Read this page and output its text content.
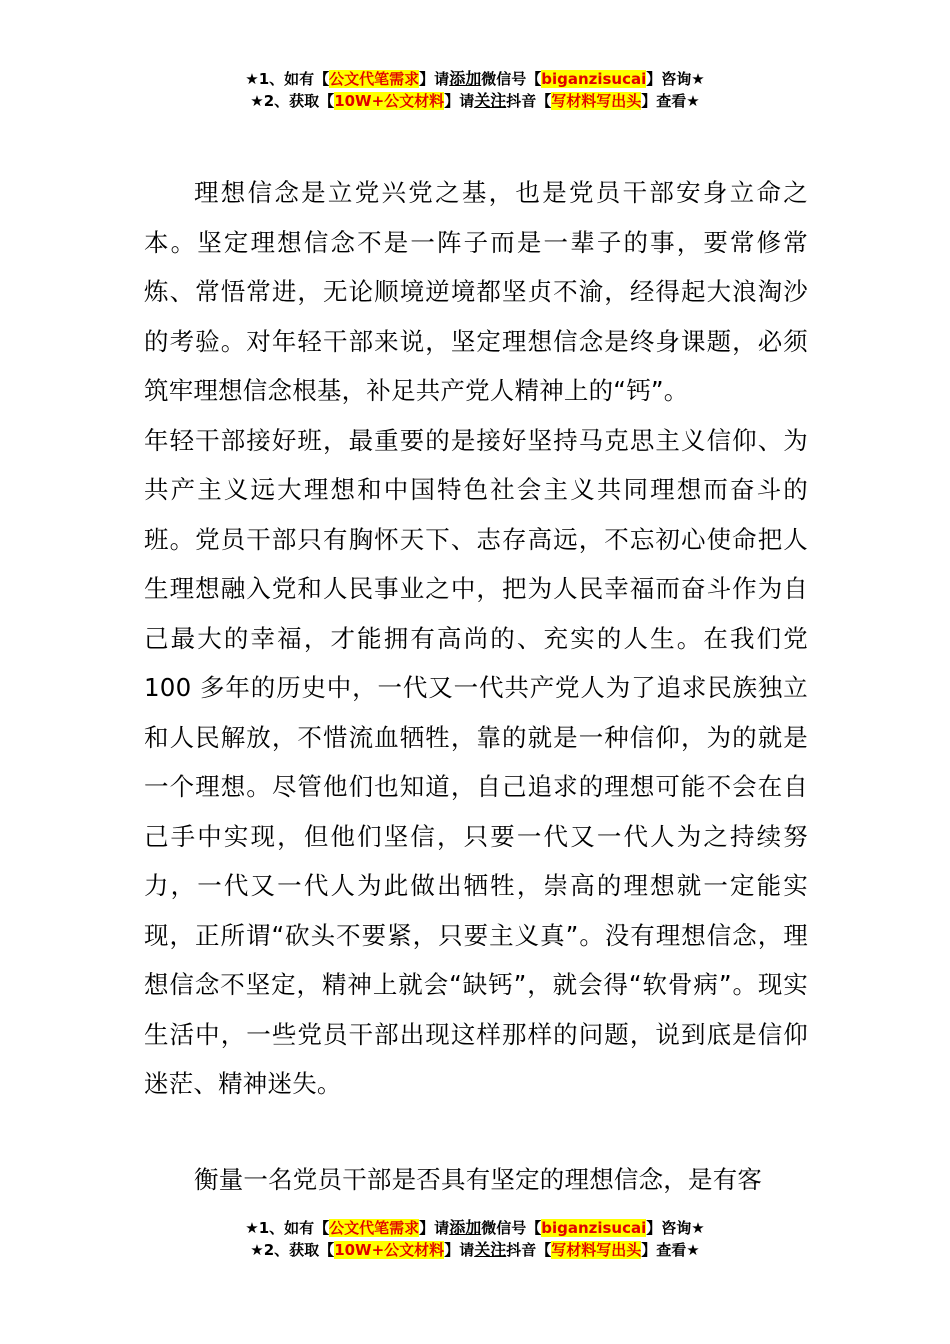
★1、如有【公文代笔需求】请添加微信号【biganzisucai】咨询★
★2、获取【10W+公文材料】请关注抖音【写材料写出头】查看★

理想信念是立党兴党之基，也是党员干部安身立命之本。坚定理想信念不是一阵子而是一辈子的事，要常修常炼、常悟常进，无论顺境逆境都坚贞不渝，经得起大浪淘沙的考验。对年轻干部来说，坚定理想信念是终身课题，必须筑牢理想信念根基，补足共产党人精神上的“钙”。

年轻干部接好班，最重要的是接好坚持马克思主义信仰、为共产主义远大理想和中国特色社会主义共同理想而奋斗的班。党员干部只有胸怀天下、志存高远，不忘初心使命把人生理想融入党和人民事业之中，把为人民幸福而奋斗作为自己最大的幸福，才能拥有高尚的、充实的人生。在我们党 100 多年的历史中，一代又一代共产党人为了追求民族独立和人民解放，不惜流血牺牲，靠的就是一种信仰，为的就是一个理想。尽管他们也知道，自己追求的理想可能不会在自己手中实现，但他们坚信，只要一代又一代人为之持续努力，一代又一代人为此做出牺牲，崇高的理想就一定能实现，正所谓“砍头不要紧，只要主义真”。没有理想信念，理想信念不坚定，精神上就会“缺钙”，就会得“软骨病”。现实生活中，一些党员干部出现这样那样的问题，说到底是信仰迷茫、精神迷失。

衡量一名党员干部是否具有坚定的理想信念，是有客

★1、如有【公文代笔需求】请添加微信号【biganzisucai】咨询★
★2、获取【10W+公文材料】请关注抖音【写材料写出头】查看★
